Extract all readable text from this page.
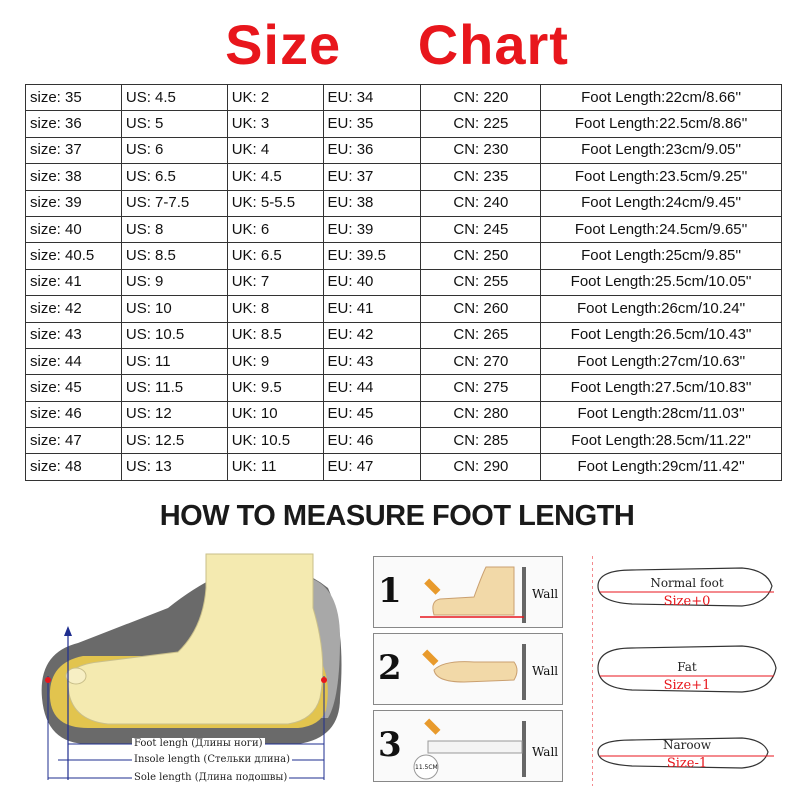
Size Chart
size: 35	US: 4.5	UK: 2	EU: 34	CN: 220	Foot Length:22cm/8.66''
size: 36	US: 5	UK: 3	EU: 35	CN: 225	Foot Length:22.5cm/8.86''
size: 37	US: 6	UK: 4	EU: 36	CN: 230	Foot Length:23cm/9.05''
size: 38	US: 6.5	UK: 4.5	EU: 37	CN: 235	Foot Length:23.5cm/9.25''
size: 39	US: 7-7.5	UK: 5-5.5	EU: 38	CN: 240	Foot Length:24cm/9.45''
size: 40	US: 8	UK: 6	EU: 39	CN: 245	Foot Length:24.5cm/9.65''
size: 40.5	US: 8.5	UK: 6.5	EU: 39.5	CN: 250	Foot Length:25cm/9.85''
size: 41	US: 9	UK: 7	EU: 40	CN: 255	Foot Length:25.5cm/10.05''
size: 42	US: 10	UK: 8	EU: 41	CN: 260	Foot Length:26cm/10.24''
size: 43	US: 10.5	UK: 8.5	EU: 42	CN: 265	Foot Length:26.5cm/10.43''
size: 44	US: 11	UK: 9	EU: 43	CN: 270	Foot Length:27cm/10.63''
size: 45	US: 11.5	UK: 9.5	EU: 44	CN: 275	Foot Length:27.5cm/10.83''
size: 46	US: 12	UK: 10	EU: 45	CN: 280	Foot Length:28cm/11.03''
size: 47	US: 12.5	UK: 10.5	EU: 46	CN: 285	Foot Length:28.5cm/11.22''
size: 48	US: 13	UK: 11	EU: 47	CN: 290	Foot Length:29cm/11.42''
HOW TO MEASURE FOOT LENGTH
Foot lengh (Длины ноги)
Insole length (Стельки длина)
Sole length (Длина подошвы)
1	Wall
2	Wall
3
11.5CM
Wall
Normal foot
Size+0
Fat
Size+1
Naroow
Size-1
